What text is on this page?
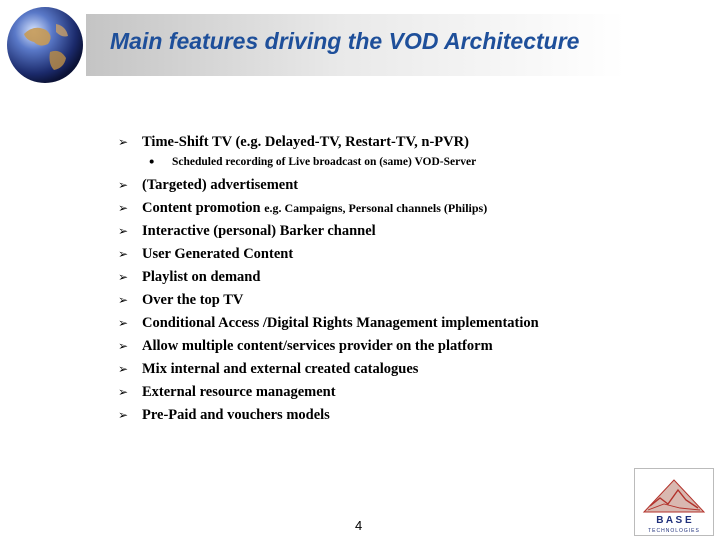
Main features driving the VOD Architecture
➢ Time-Shift TV (e.g. Delayed-TV, Restart-TV, n-PVR)
• Scheduled recording of Live broadcast on (same) VOD-Server
➢ (Targeted) advertisement
➢ Content promotion e.g. Campaigns, Personal channels (Philips)
➢ Interactive (personal) Barker channel
➢ User Generated Content
➢ Playlist on demand
➢ Over the top TV
➢ Conditional Access /Digital Rights Management implementation
➢ Allow multiple content/services provider on the platform
➢ Mix internal and external created catalogues
➢ External resource management
➢ Pre-Paid and vouchers models
4	B A S E
TECHNOLOGIES
